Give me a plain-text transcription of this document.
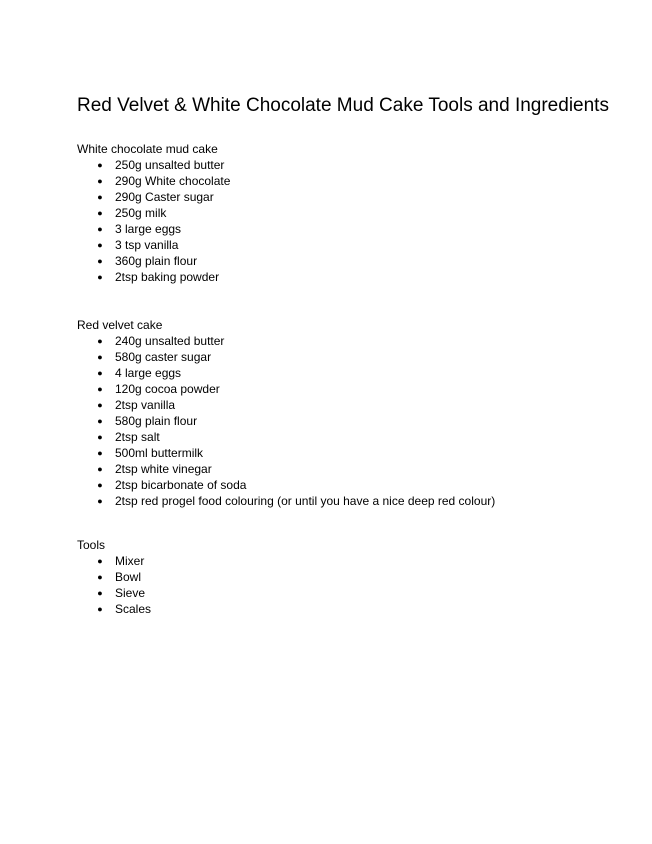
Red Velvet & White Chocolate Mud Cake Tools and Ingredients
White chocolate mud cake
● 250g unsalted butter
● 290g White chocolate
● 290g Caster sugar
● 250g milk
● 3 large eggs
● 3 tsp vanilla
● 360g plain flour
● 2tsp baking powder
Red velvet cake
● 240g unsalted butter
● 580g caster sugar
● 4 large eggs
● 120g cocoa powder
● 2tsp vanilla
● 580g plain flour
● 2tsp salt
● 500ml buttermilk
● 2tsp white vinegar
● 2tsp bicarbonate of soda
● 2tsp red progel food colouring (or until you have a nice deep red colour)
Tools
● Mixer
● Bowl
● Sieve
● Scales
